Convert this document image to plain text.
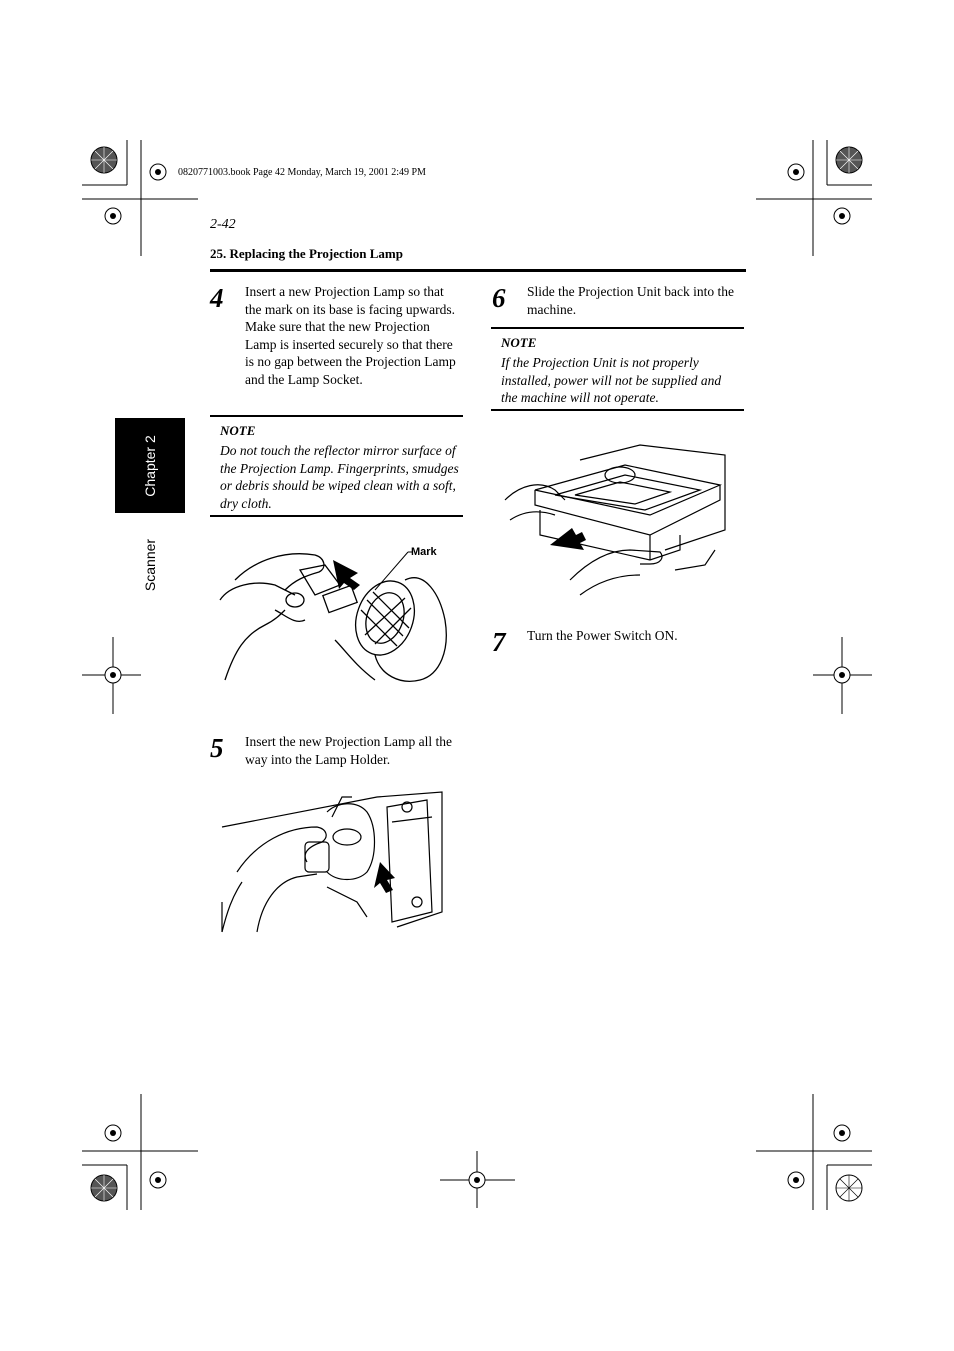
0820771003.book Page 42 Monday, March 19, 2001 2:49 PM
2-42
25. Replacing the Projection Lamp
Chapter 2
Scanner
4 Insert a new Projection Lamp so that the mark on its base is facing upwards. Make sure that the new Projection Lamp is inserted securely so that there is no gap between the Projection Lamp and the Lamp Socket.
NOTE
Do not touch the reflector mirror surface of the Projection Lamp. Fingerprints, smudges or debris should be wiped clean with a soft, dry cloth.
Mark
5 Insert the new Projection Lamp all the way into the Lamp Holder.
6 Slide the Projection Unit back into the machine.
NOTE
If the Projection Unit is not properly installed, power will not be supplied and the machine will not operate.
7 Turn the Power Switch ON.
